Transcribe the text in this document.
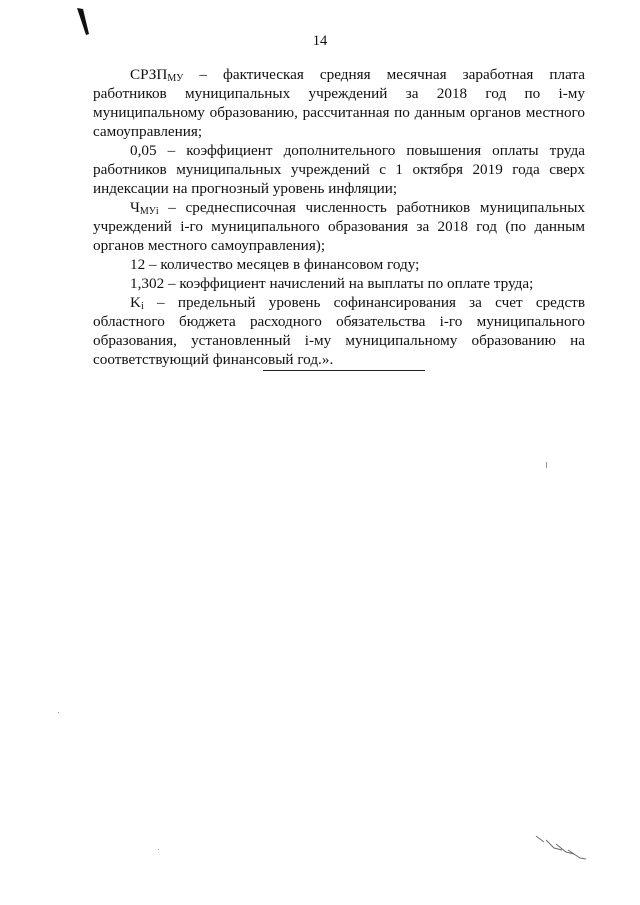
14

$СРЗП_{МУ}$ – фактическая средняя месячная заработная плата работников муниципальных учреждений за 2018 год по i-му муниципальному образованию, рассчитанная по данным органов местного самоуправления;

0,05 – коэффициент дополнительного повышения оплаты труда работников муниципальных учреждений с 1 октября 2019 года сверх индексации на прогнозный уровень инфляции;

$Ч_{МУi}$ – среднесписочная численность работников муниципальных учреждений i-го муниципального образования за 2018 год (по данным органов местного самоуправления);

12 – количество месяцев в финансовом году;

1,302 – коэффициент начислений на выплаты по оплате труда;

$K_i$ – предельный уровень софинансирования за счет средств областного бюджета расходного обязательства i-го муниципального образования, установленный i-му муниципальному образованию на соответствующий финансовый год.».
